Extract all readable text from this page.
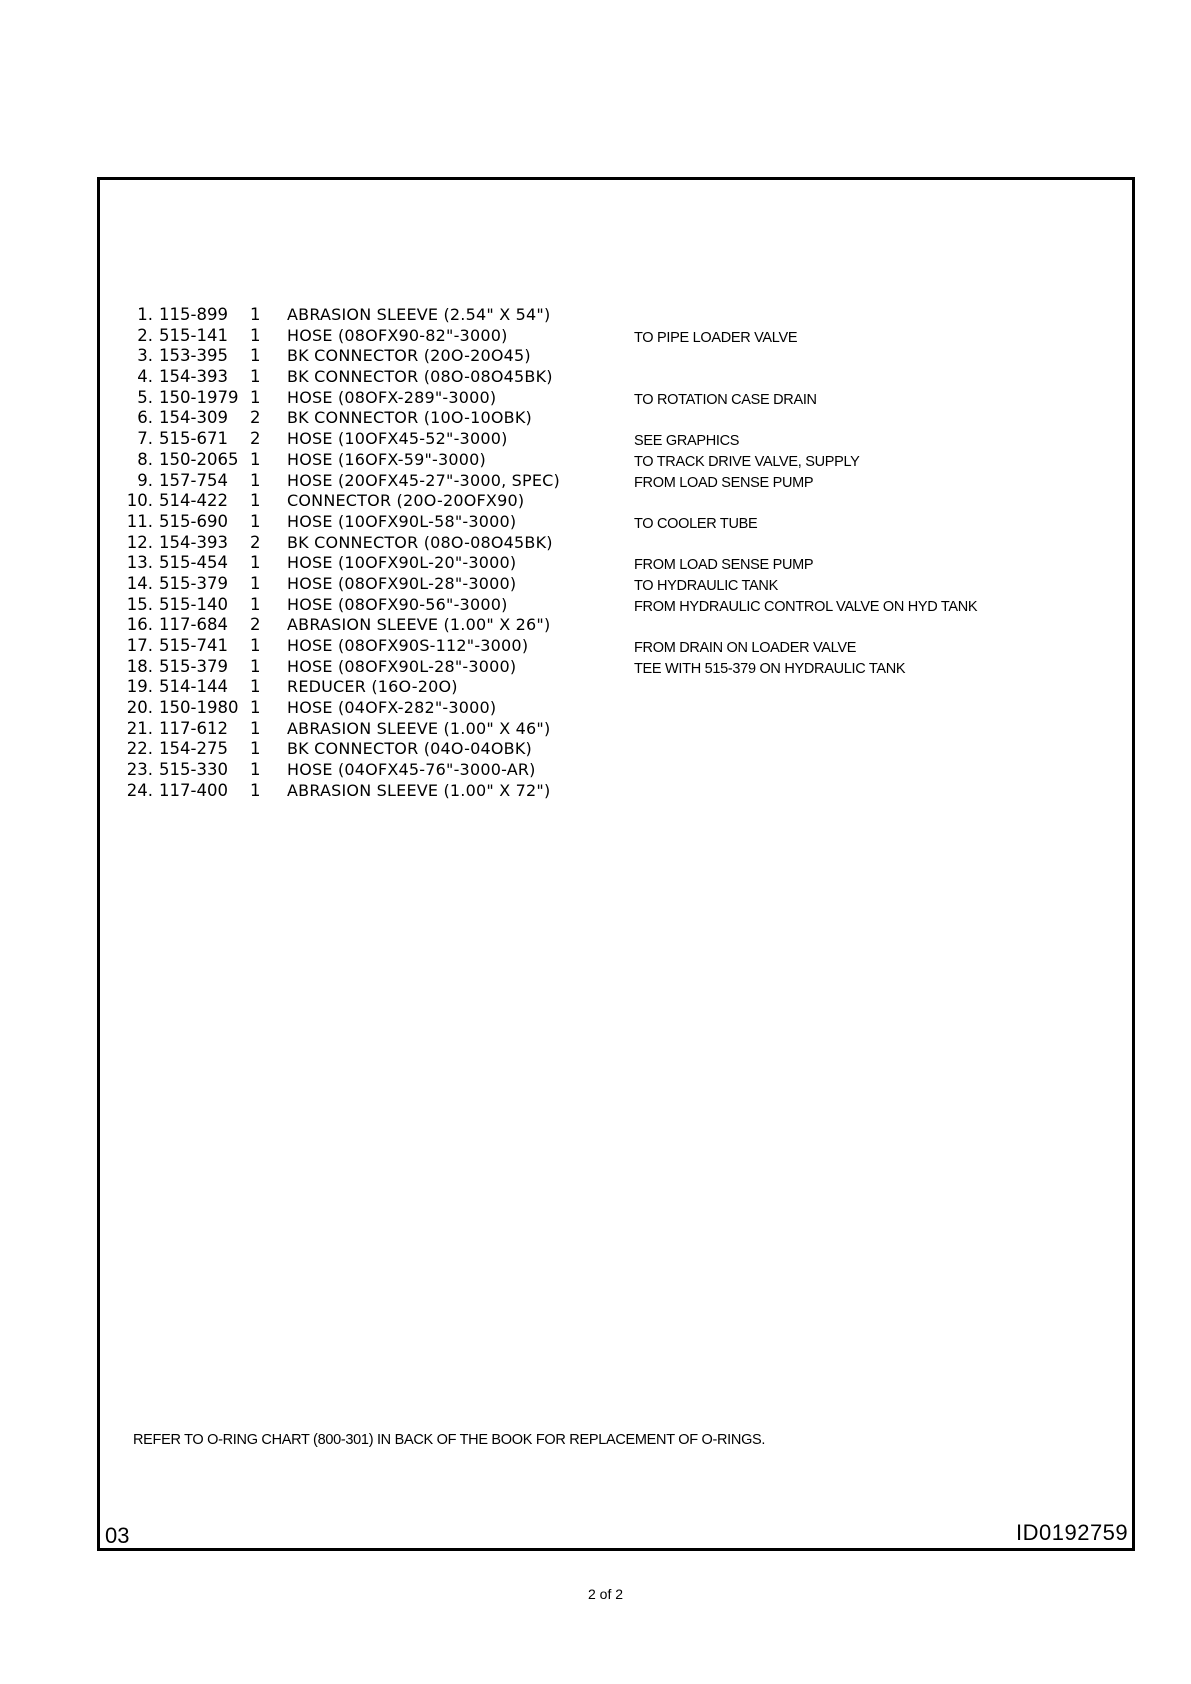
1. 115-899 1 ABRASION SLEEVE (2.54" X 54")
2. 515-141 1 HOSE (08OFX90-82"-3000)	TO PIPE LOADER VALVE
3. 153-395 1 BK CONNECTOR (20O-20O45)
4. 154-393 1 BK CONNECTOR (08O-08O45BK)
5. 150-1979 1 HOSE (08OFX-289"-3000)	TO ROTATION CASE DRAIN
6. 154-309 2 BK CONNECTOR (10O-10OBK)
7. 515-671 2 HOSE (10OFX45-52"-3000)	SEE GRAPHICS
8. 150-2065 1 HOSE (16OFX-59"-3000)	TO TRACK DRIVE VALVE, SUPPLY
9. 157-754 1 HOSE (20OFX45-27"-3000, SPEC)	FROM LOAD SENSE PUMP
10. 514-422 1 CONNECTOR (20O-20OFX90)
11. 515-690 1 HOSE (10OFX90L-58"-3000)	TO COOLER TUBE
12. 154-393 2 BK CONNECTOR (08O-08O45BK)
13. 515-454 1 HOSE (10OFX90L-20"-3000)	FROM LOAD SENSE PUMP
14. 515-379 1 HOSE (08OFX90L-28"-3000)	TO HYDRAULIC TANK
15. 515-140 1 HOSE (08OFX90-56"-3000)	FROM HYDRAULIC CONTROL VALVE ON HYD TANK
16. 117-684 2 ABRASION SLEEVE (1.00" X 26")
17. 515-741 1 HOSE (08OFX90S-112"-3000)	FROM DRAIN ON LOADER VALVE
18. 515-379 1 HOSE (08OFX90L-28"-3000)	TEE WITH 515-379 ON HYDRAULIC TANK
19. 514-144 1 REDUCER (16O-20O)
20. 150-1980 1 HOSE (04OFX-282"-3000)
21. 117-612 1 ABRASION SLEEVE (1.00" X 46")
22. 154-275 1 BK CONNECTOR (04O-04OBK)
23. 515-330 1 HOSE (04OFX45-76"-3000-AR)
24. 117-400 1 ABRASION SLEEVE (1.00" X 72")
REFER TO O-RING CHART (800-301) IN BACK OF THE BOOK FOR REPLACEMENT OF O-RINGS.
03	ID0192759
2 of 2
